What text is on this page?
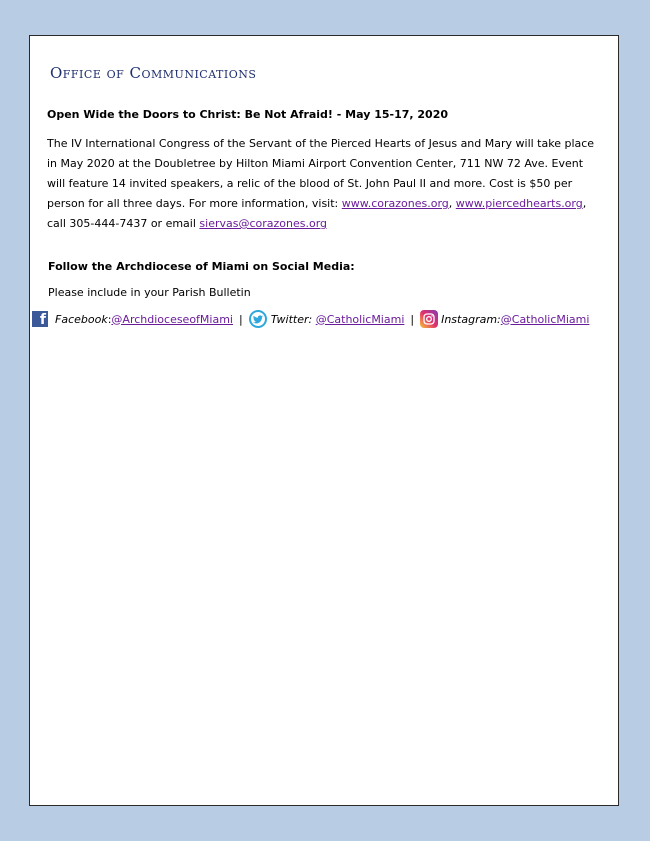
Office of Communications

Open Wide the Doors to Christ: Be Not Afraid! - May 15-17, 2020

The IV International Congress of the Servant of the Pierced Hearts of Jesus and Mary will take place in May 2020 at the Doubletree by Hilton Miami Airport Convention Center, 711 NW 72 Ave. Event will feature 14 invited speakers, a relic of the blood of St. John Paul II and more. Cost is $50 per person for all three days. For more information, visit: www.corazones.org, www.piercedhearts.org, call 305-444-7437 or email siervas@corazones.org

Follow the Archdiocese of Miami on Social Media:

Please include in your Parish Bulletin

f Facebook : @ArchdioceseofMiami |	Twitter:
@CatholicMiami | Instagram: @CatholicMiami
